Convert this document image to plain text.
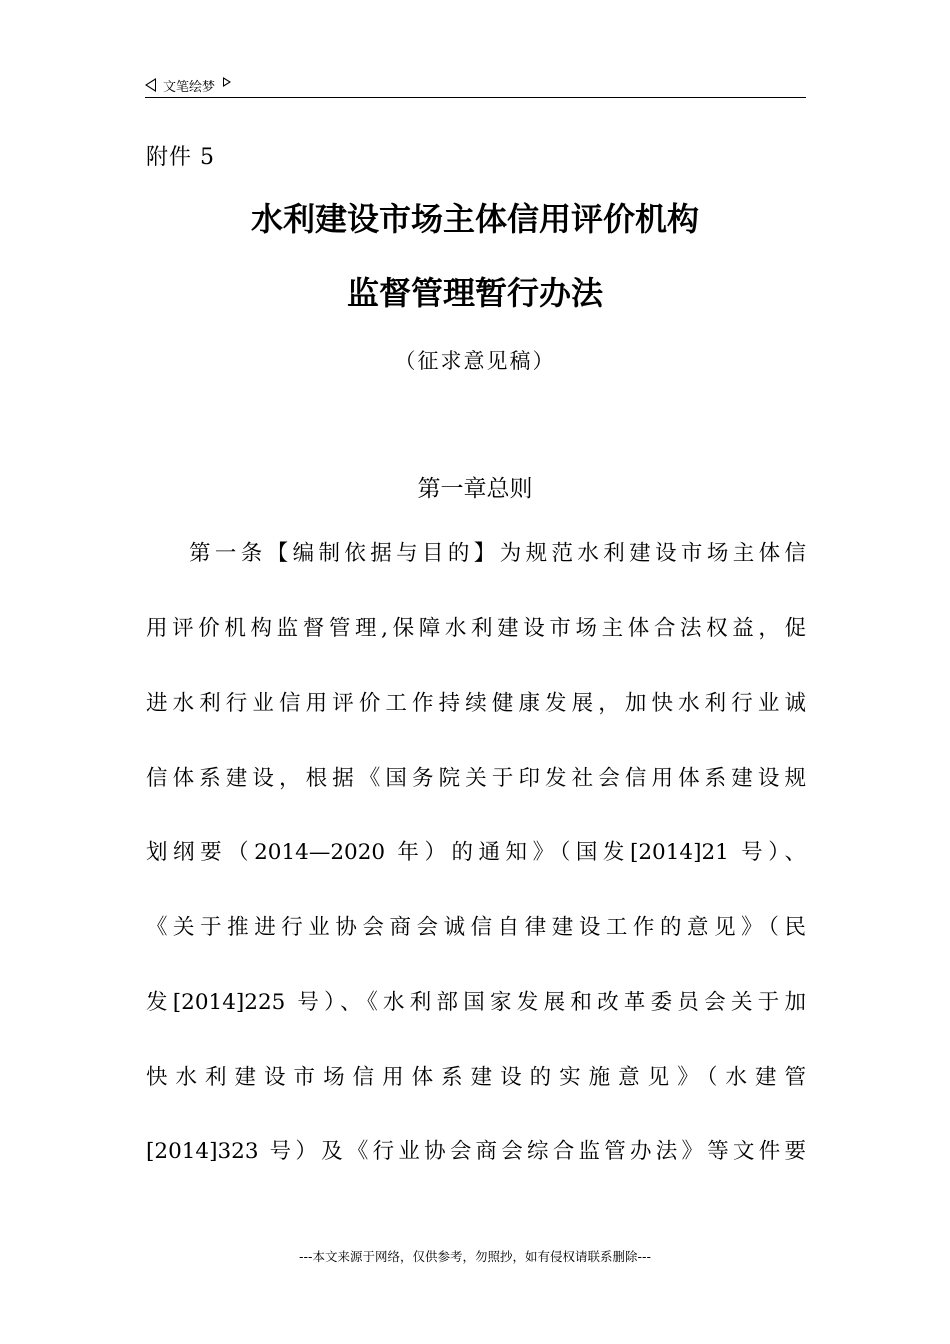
文笔绘梦
附件 5
水利建设市场主体信用评价机构
监督管理暂行办法
（征求意见稿）
第一章总则
第一条【编制依据与目的】为规范水利建设市场主体信
用评价机构监督管理,保障水利建设市场主体合法权益，促
进水利行业信用评价工作持续健康发展，加快水利行业诚
信体系建设，根据《国务院关于印发社会信用体系建设规
划纲要（2014—2020 年）的通知》（国发[2014]21 号）、
《关于推进行业协会商会诚信自律建设工作的意见》（民
发[2014]225 号）、《水利部国家发展和改革委员会关于加
快水利建设市场信用体系建设的实施意见》（水建管
[2014]323 号）及《行业协会商会综合监管办法》等文件要
---本文来源于网络，仅供参考，勿照抄，如有侵权请联系删除---
